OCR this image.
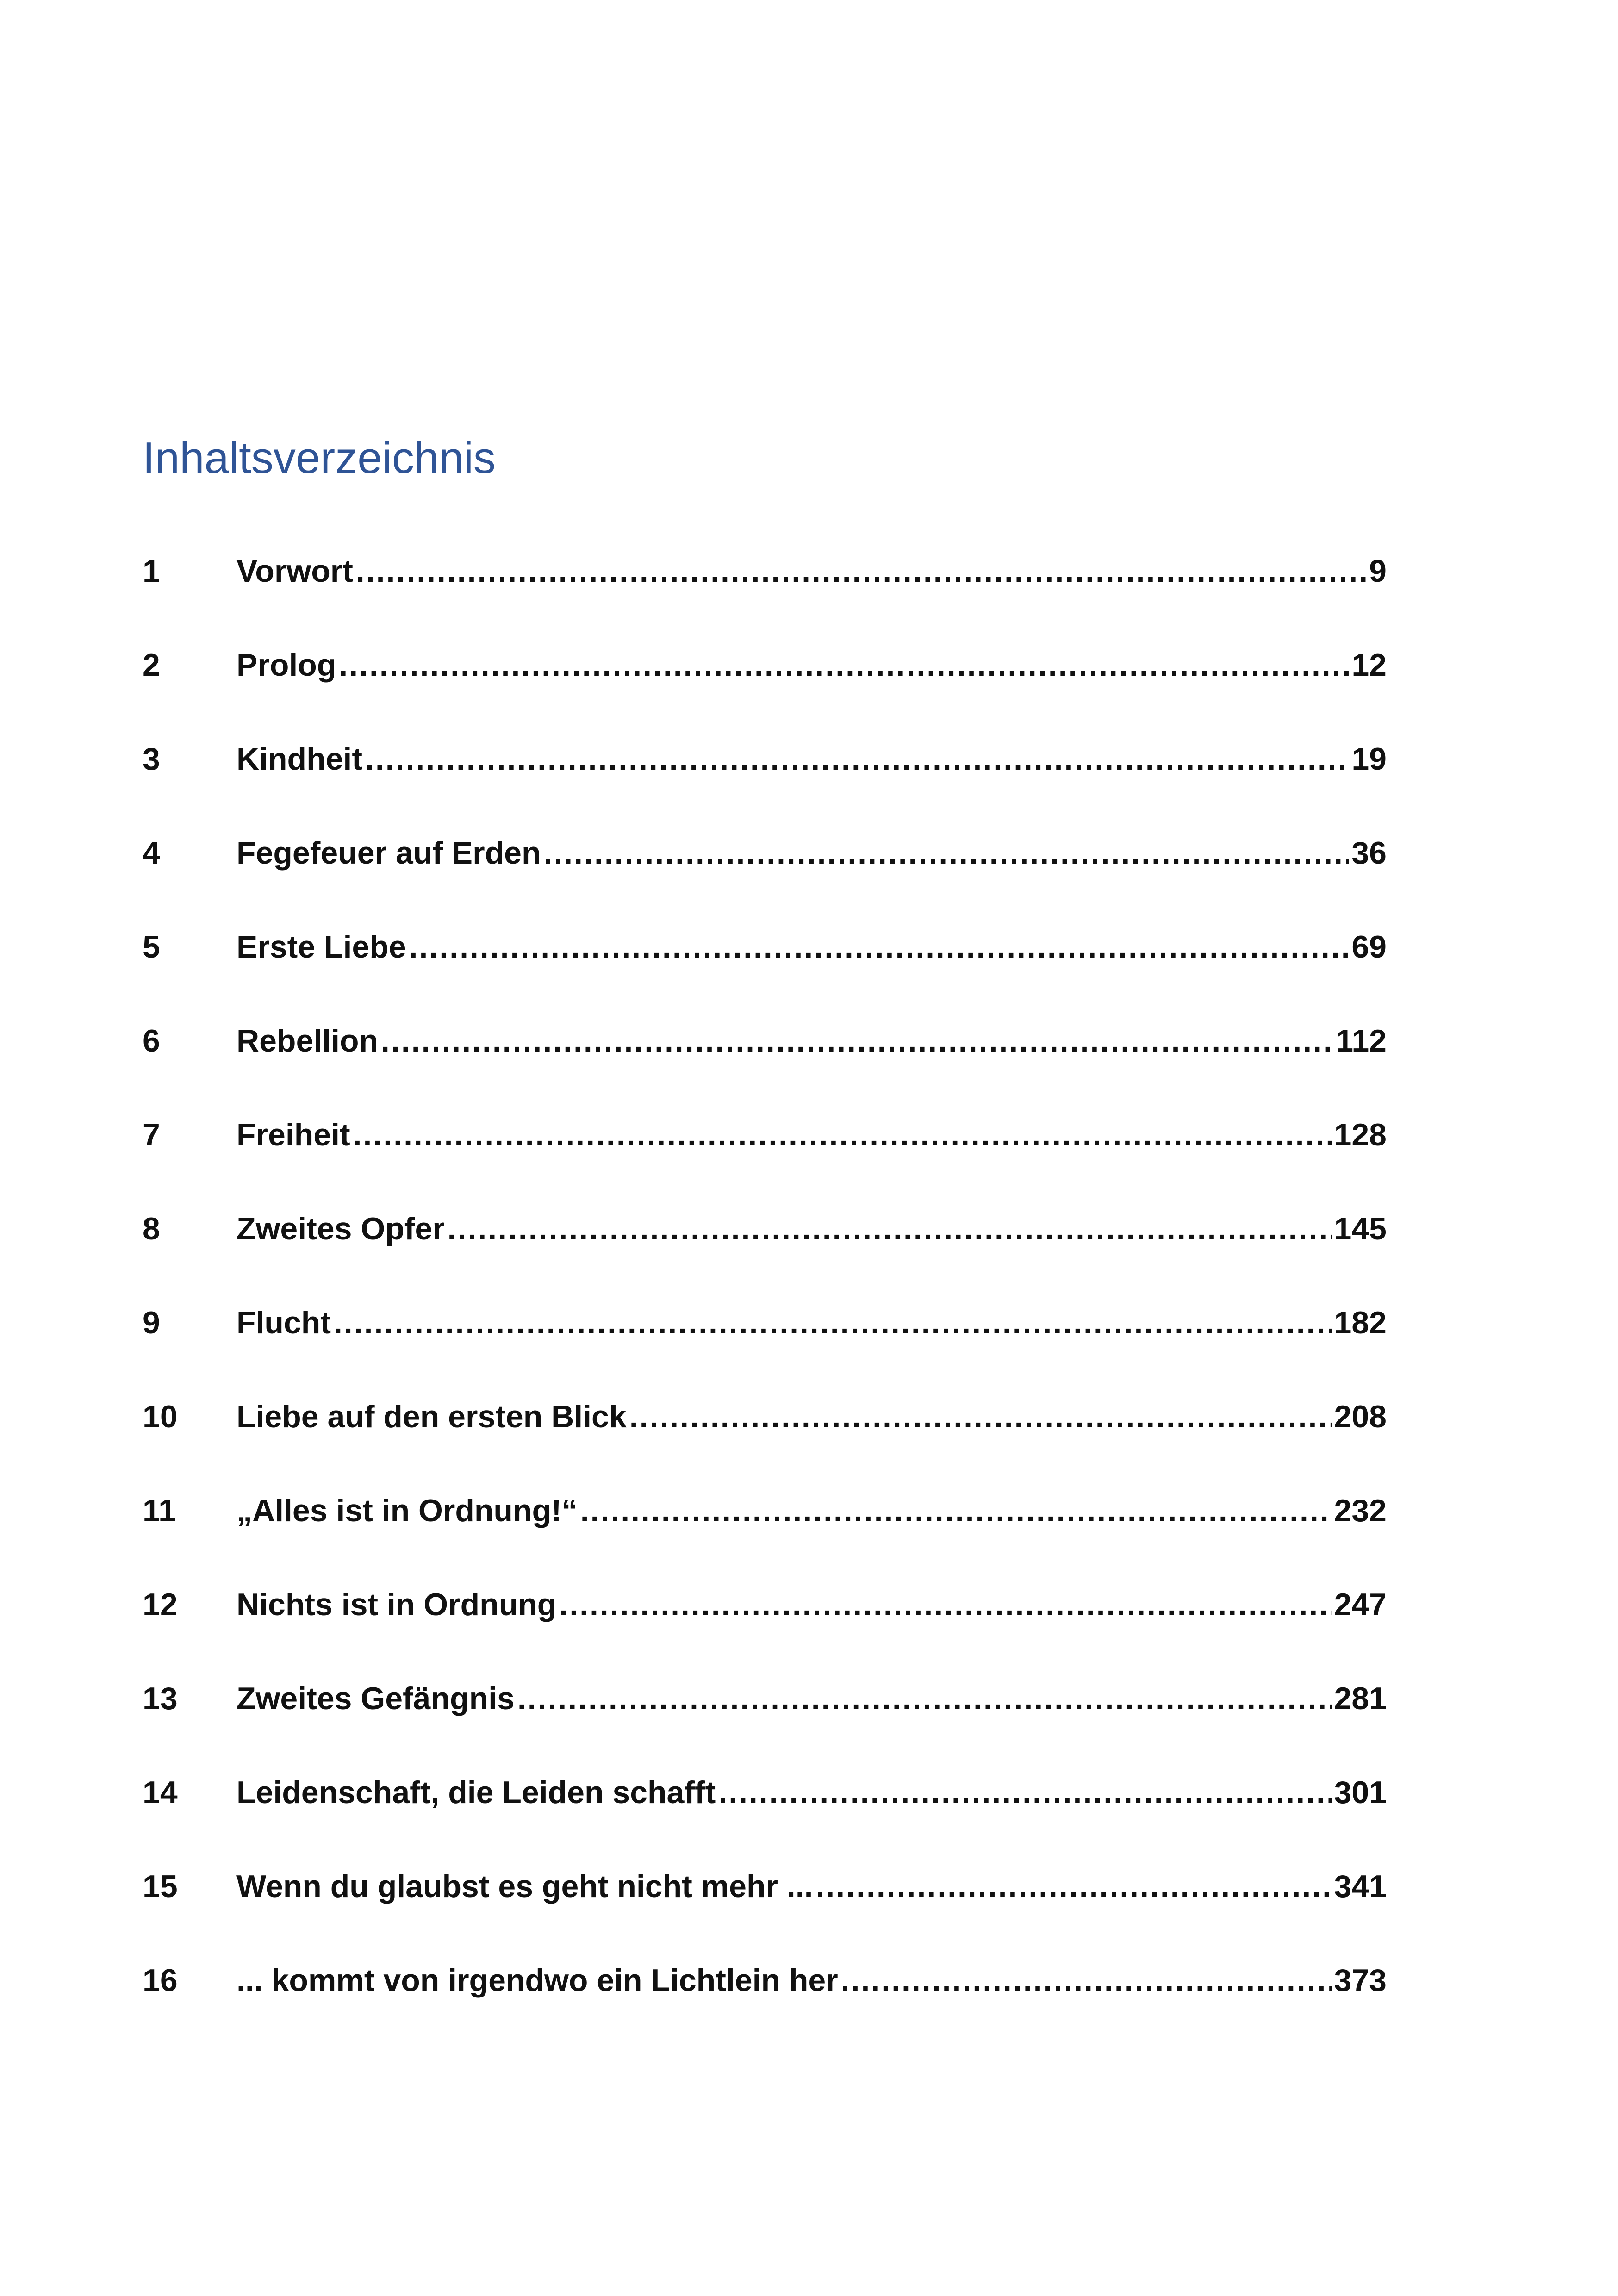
Inhaltsverzeichnis
1	Vorwort .....	9
2	Prolog .....	12
3	Kindheit .....	19
4	Fegefeuer auf Erden .....	36
5	Erste Liebe .....	69
6	Rebellion .....	112
7	Freiheit .....	128
8	Zweites Opfer .....	145
9	Flucht .....	182
10	Liebe auf den ersten Blick .....	208
11	„Alles ist in Ordnung!“ .....	232
12	Nichts ist in Ordnung .....	247
13	Zweites Gefängnis .....	281
14	Leidenschaft, die Leiden schafft .....	301
15	Wenn du glaubst es geht nicht mehr ... .....	341
16	... kommt von irgendwo ein Lichtlein her .....	373
